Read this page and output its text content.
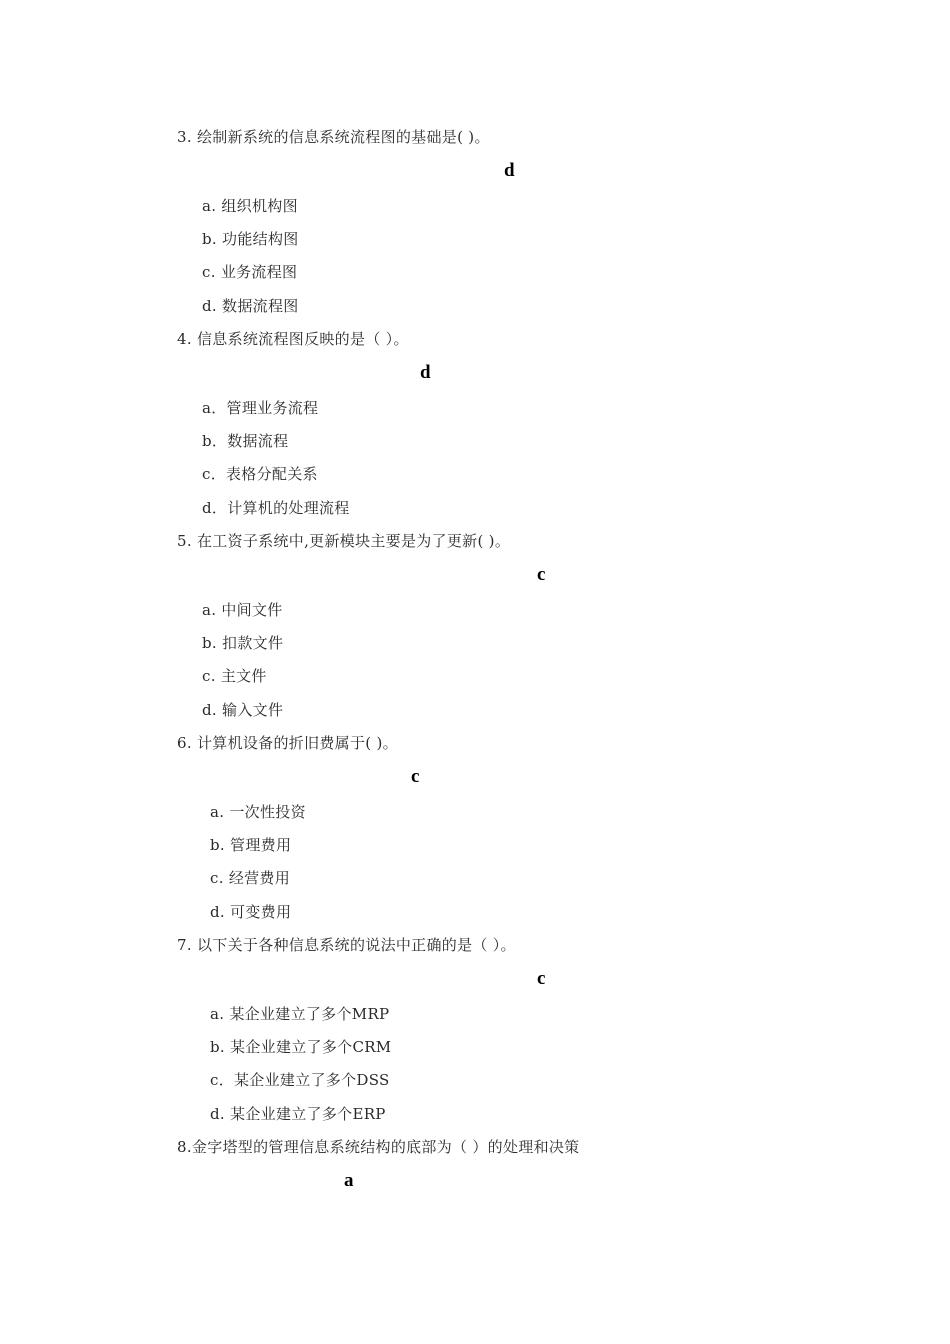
3. 绘制新系统的信息系统流程图的基础是( )。
d
a. 组织机构图
b. 功能结构图
c. 业务流程图
d. 数据流程图
4. 信息系统流程图反映的是（ ）。
d
a．管理业务流程
b．数据流程
c．表格分配关系
d．计算机的处理流程
5. 在工资子系统中,更新模块主要是为了更新( )。
c
a. 中间文件
b. 扣款文件
c. 主文件
d. 输入文件
6. 计算机设备的折旧费属于( )。
c
a. 一次性投资
b. 管理费用
c. 经营费用
d. 可变费用
7. 以下关于各种信息系统的说法中正确的是（ ）。
c
a. 某企业建立了多个MRP
b. 某企业建立了多个CRM
c．某企业建立了多个DSS
d. 某企业建立了多个ERP
8.金字塔型的管理信息系统结构的底部为（ ）的处理和决策
a
